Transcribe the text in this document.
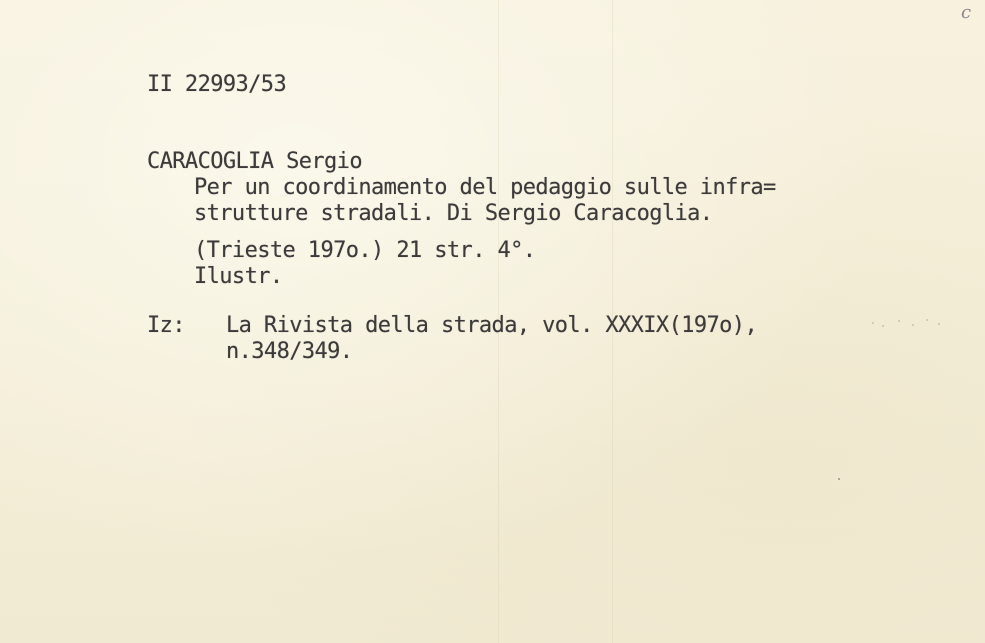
c
II 22993/53
CARACOGLIA Sergio
Per un coordinamento del pedaggio sulle infra=
strutture stradali. Di Sergio Caracoglia.
(Trieste 197o.) 21 str. 4°.
Ilustr.
Iz: La Rivista della strada, vol. XXXIX(197o),
n.348/349.
